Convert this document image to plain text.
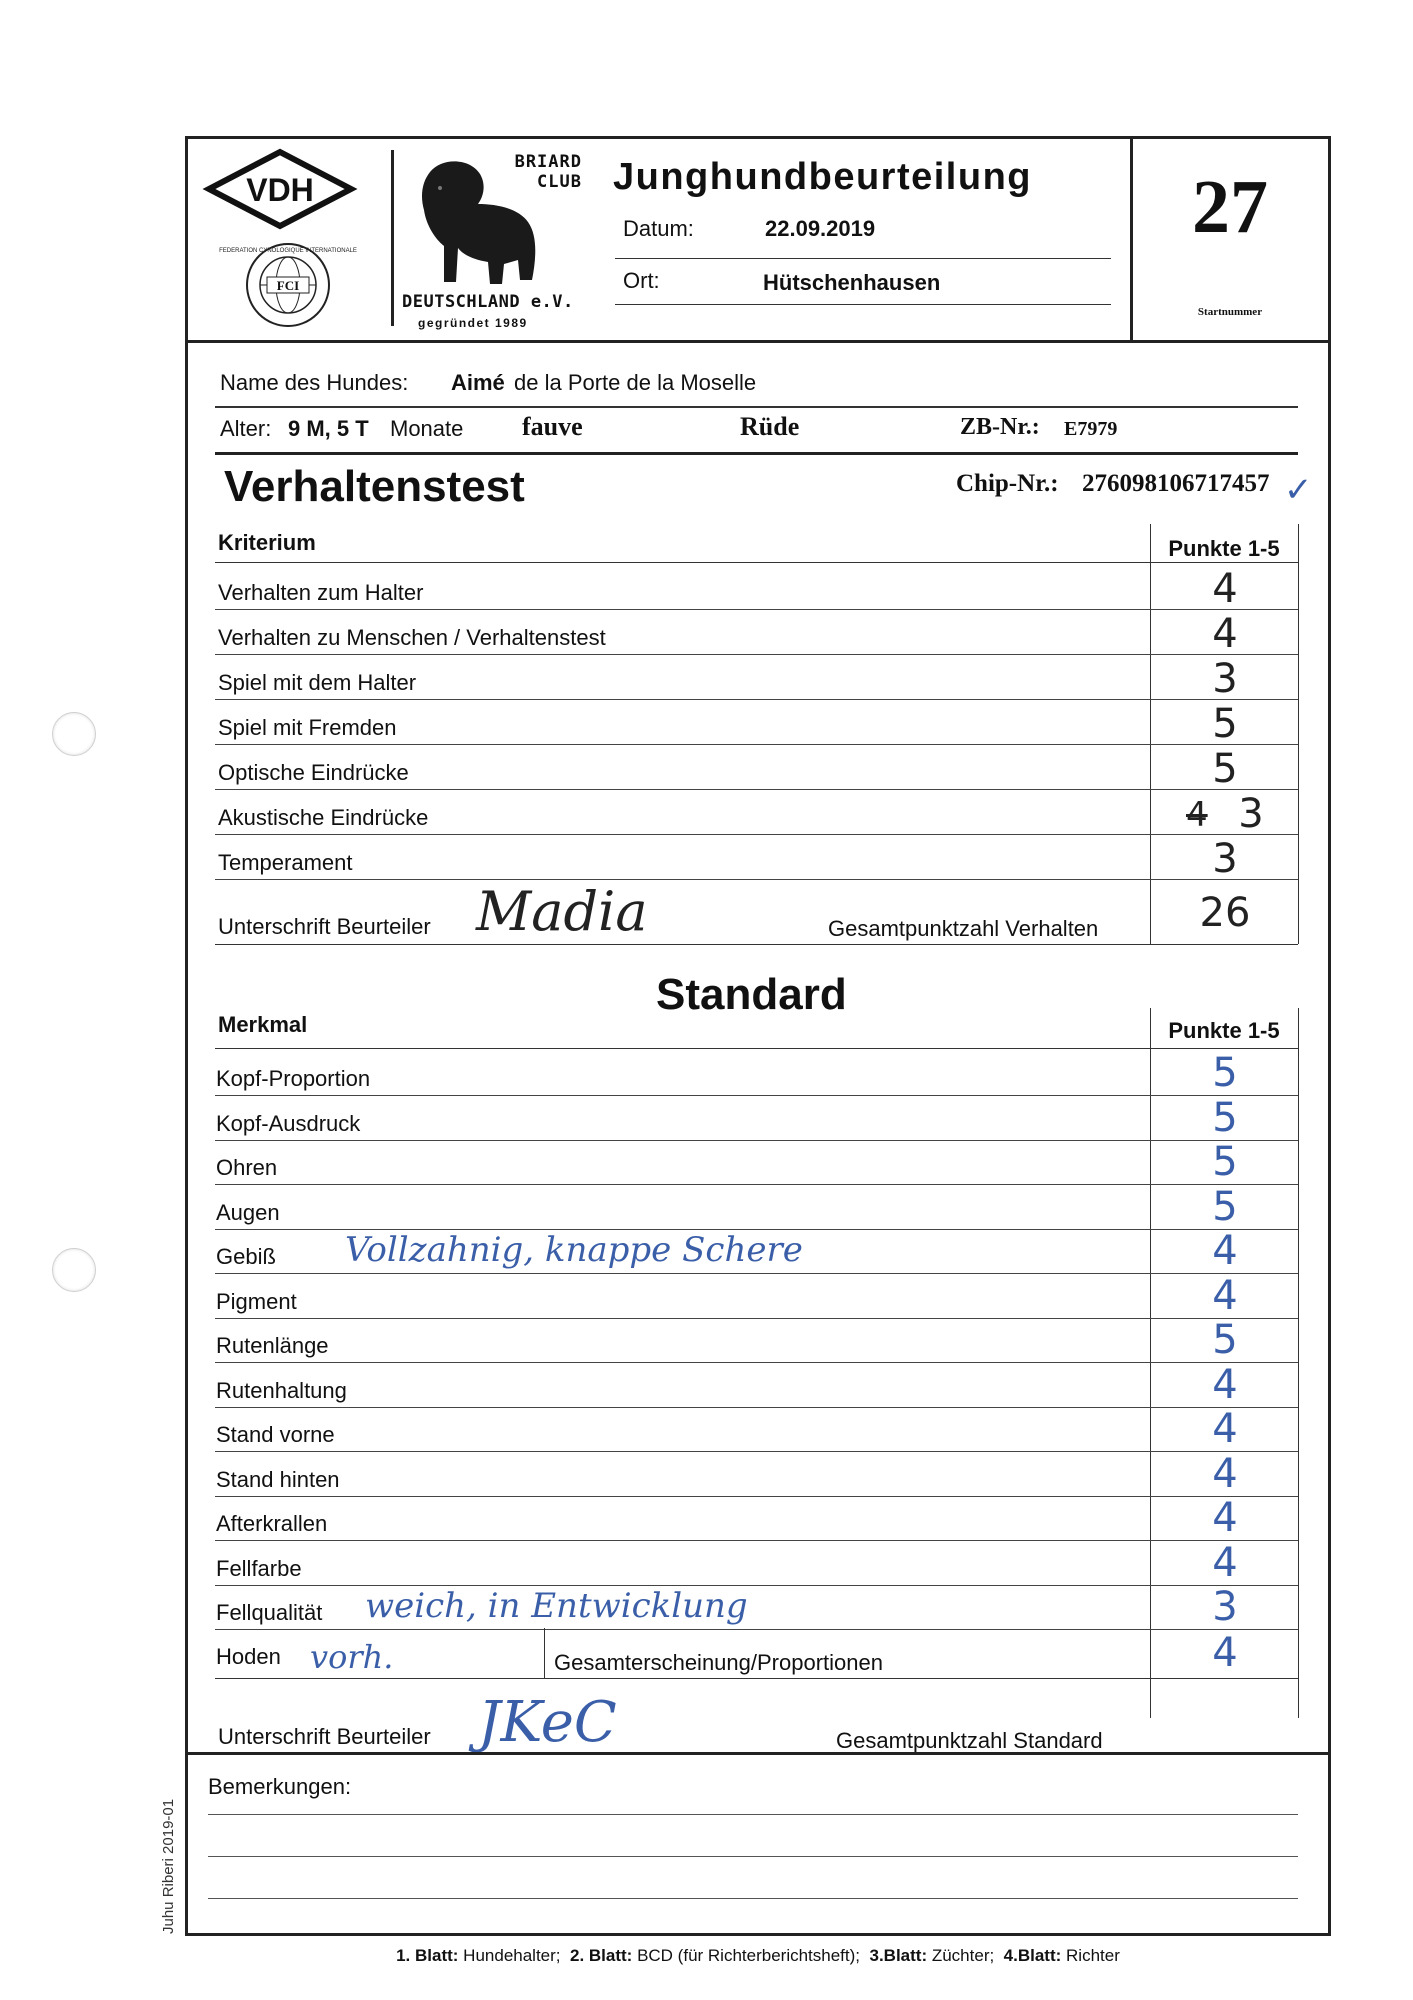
VDH
FCI
FEDERATION CYNOLOGIQUE INTERNATIONALE
BRIARD
CLUB
DEUTSCHLAND e.V.
gegründet 1989
Junghundbeurteilung
Datum:	22.09.2019
Ort:	Hütschenhausen
27
Startnummer
Name des Hundes: Aimé de la Porte de la Moselle
Alter: 9 M, 5 T Monate fauve	Rüde	ZB-Nr.: E7979
Verhaltenstest	Chip-Nr.: 276098106717457 ✓
Kriterium	Punkte 1-5
Verhalten zum Halter	4
Verhalten zu Menschen / Verhaltenstest	4
Spiel mit dem Halter	3
Spiel mit Fremden	5
Optische Eindrücke	5
Akustische Eindrücke	3
Temperament	3
4
Unterschrift Beurteiler Madia	Gesamtpunktzahl Verhalten	26
Standard
Merkmal	Punkte 1-5
Kopf-Proportion	5
Kopf-Ausdruck	5
Ohren	5
Augen	5
Gebiß	4
Vollzahnig, knappe Schere
Pigment	4
Rutenlänge	5
Rutenhaltung	4
Stand vorne	4
Stand hinten	4
Afterkrallen	4
Fellfarbe	4
Fellqualität	3
weich, in Entwicklung
Hoden vorh.	Gesamterscheinung/Proportionen	4
Unterschrift Beurteiler JKeC	Gesamtpunktzahl Standard
Bemerkungen:
Juhu Riberi 2019-01
1. Blatt: Hundehalter; 2. Blatt: BCD (für Richterberichtsheft); 3.Blatt: Züchter; 4.Blatt: Richter
